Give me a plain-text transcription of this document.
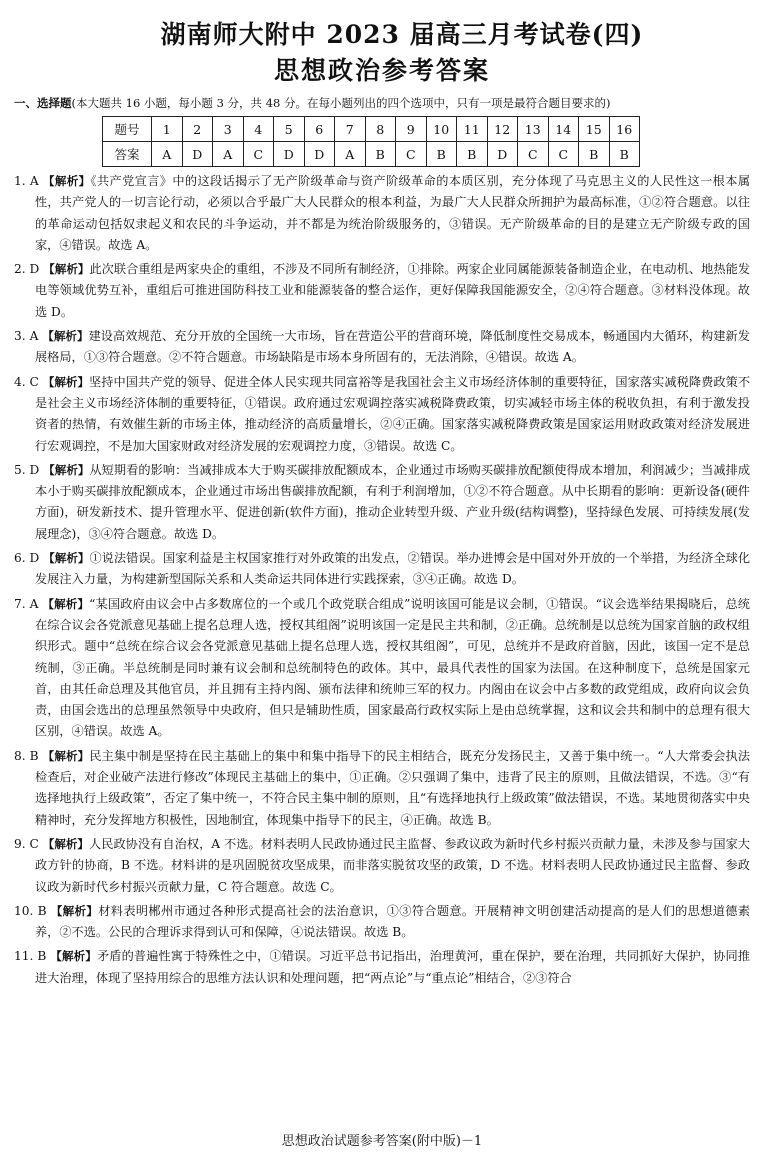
湖南师大附中 2023 届高三月考试卷(四)
思想政治参考答案
一、选择题(本大题共 16 小题，每小题 3 分，共 48 分。在每小题列出的四个选项中，只有一项是最符合题目要求的)
题号	1	2	3	4	5	6	7	8	9	10	11	12	13	14	15	16
答案	A	D	A	C	D	D	A	B	C	B	B	D	C	C	B	B

1. A 【解析】《共产党宣言》中的这段话揭示了无产阶级革命与资产阶级革命的本质区别，充分体现了马克思主义的人民性这一根本属性，共产党人的一切言论行动，必须以合乎最广大人民群众的根本利益，为最广大人民群众所拥护为最高标准，①②符合题意。以往的革命运动包括奴隶起义和农民的斗争运动，并不都是为统治阶级服务的，③错误。无产阶级革命的目的是建立无产阶级专政的国家，④错误。故选 A。

2. D 【解析】此次联合重组是两家央企的重组，不涉及不同所有制经济，①排除。两家企业同属能源装备制造企业，在电动机、地热能发电等领域优势互补，重组后可推进国防科技工业和能源装备的整合运作，更好保障我国能源安全，②④符合题意。③材料没体现。故选 D。

3. A 【解析】建设高效规范、充分开放的全国统一大市场，旨在营造公平的营商环境，降低制度性交易成本，畅通国内大循环，构建新发展格局，①③符合题意。②不符合题意。市场缺陷是市场本身所固有的，无法消除，④错误。故选 A。

4. C 【解析】坚持中国共产党的领导、促进全体人民实现共同富裕等是我国社会主义市场经济体制的重要特征，国家落实减税降费政策不是社会主义市场经济体制的重要特征，①错误。政府通过宏观调控落实减税降费政策，切实减轻市场主体的税收负担，有利于激发投资者的热情，有效催生新的市场主体，推动经济的高质量增长，②④正确。国家落实减税降费政策是国家运用财政政策对经济发展进行宏观调控，不是加大国家财政对经济发展的宏观调控力度，③错误。故选 C。

5. D 【解析】从短期看的影响：当减排成本大于购买碳排放配额成本，企业通过市场购买碳排放配额使得成本增加，利润减少；当减排成本小于购买碳排放配额成本，企业通过市场出售碳排放配额，有利于利润增加，①②不符合题意。从中长期看的影响：更新设备(硬件方面)，研发新技术、提升管理水平、促进创新(软件方面)，推动企业转型升级、产业升级(结构调整)，坚持绿色发展、可持续发展(发展理念)，③④符合题意。故选 D。

6. D 【解析】①说法错误。国家利益是主权国家推行对外政策的出发点，②错误。举办进博会是中国对外开放的一个举措，为经济全球化发展注入力量，为构建新型国际关系和人类命运共同体进行实践探索，③④正确。故选 D。

7. A 【解析】“某国政府由议会中占多数席位的一个或几个政党联合组成”说明该国可能是议会制，①错误。“议会选举结果揭晓后，总统在综合议会各党派意见基础上提名总理人选，授权其组阁”说明该国一定是民主共和制，②正确。总统制是以总统为国家首脑的政权组织形式。题中“总统在综合议会各党派意见基础上提名总理人选，授权其组阁”，可见，总统并不是政府首脑，因此，该国一定不是总统制，③正确。半总统制是同时兼有议会制和总统制特色的政体。其中，最具代表性的国家为法国。在这种制度下，总统是国家元首，由其任命总理及其他官员，并且拥有主持内阁、颁布法律和统帅三军的权力。内阁由在议会中占多数的政党组成，政府向议会负责，由国会选出的总理虽然领导中央政府，但只是辅助性质，国家最高行政权实际上是由总统掌握，这和议会共和制中的总理有很大区别，④错误。故选 A。

8. B 【解析】民主集中制是坚持在民主基础上的集中和集中指导下的民主相结合，既充分发扬民主，又善于集中统一。“人大常委会执法检查后，对企业破产法进行修改”体现民主基础上的集中，①正确。②只强调了集中，违背了民主的原则，且做法错误，不选。③“有选择地执行上级政策”，否定了集中统一，不符合民主集中制的原则，且“有选择地执行上级政策”做法错误，不选。某地贯彻落实中央精神时，充分发挥地方积极性，因地制宜，体现集中指导下的民主，④正确。故选 B。

9. C 【解析】人民政协没有自治权，A 不选。材料表明人民政协通过民主监督、参政议政为新时代乡村振兴贡献力量，未涉及参与国家大政方针的协商，B 不选。材料讲的是巩固脱贫攻坚成果，而非落实脱贫攻坚的政策，D 不选。材料表明人民政协通过民主监督、参政议政为新时代乡村振兴贡献力量，C 符合题意。故选 C。

10. B 【解析】材料表明郴州市通过各种形式提高社会的法治意识，①③符合题意。开展精神文明创建活动提高的是人们的思想道德素养，②不选。公民的合理诉求得到认可和保障，④说法错误。故选 B。

11. B 【解析】矛盾的普遍性寓于特殊性之中，①错误。习近平总书记指出，治理黄河，重在保护，要在治理，共同抓好大保护，协同推进大治理，体现了坚持用综合的思维方法认识和处理问题，把“两点论”与“重点论”相结合，②③符合

思想政治试题参考答案(附中版)－1
